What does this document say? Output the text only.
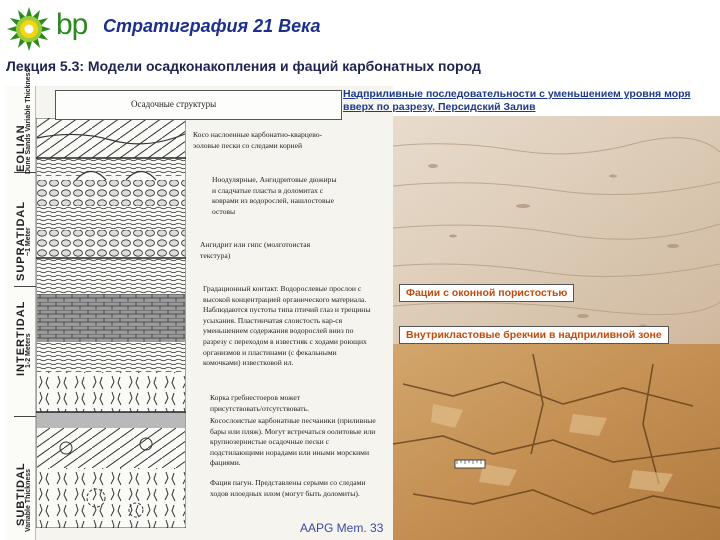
bp Стратиграфия 21 Века
Лекция 5.3: Модели осадконакопления и фаций карбонатных пород
EOLIAN
Dune Sands Variable Thickness
SUPRATIDAL
~1 Meter
INTERTIDAL
1-2 Meters
SUBTIDAL
Variable Thickness
Осадочные структуры
Косо наслоенные карбонатно-кварцево-эоловые пески со следами корней
Ноодулярные, Ангидритовые дюжиры и сладчатые пласты в доломитах с коврами из водорослей, нашлостовые остовы
Ангидрит или гипс (молготоистая текстура)
Градационный контакт. Водорослевые прослои с высокой концентрацией органического материала. Наблюдаются пустоты типа птичий глаз и трещины усыхания. Пластинчатая слоистость кар-ся уменьшением содержания водорослей вниз по разрезу с переходом в известняк с ходами роющих организмов и пластинами (с фекальными комочками) известковой ил.
Корка гребнестоеров может присутствовать/отсутствовать.
Косослоистые карбонатные песчаники (приливные бары или пляж). Могут встречаться оолитовые или крупнозернистые осадочные пески с подстилающими норадами или иными морскими фациями.
Фация пагун. Представлены серыми со следами ходов илоедных илом (могут быть доломиты).
AAPG Mem. 33
Надприливные последовательности с уменьшением уровня моря вверх по разрезу, Персидский Залив
Фации с оконной пористостью
Внутрикластовые брекчии в надприливной зоне
